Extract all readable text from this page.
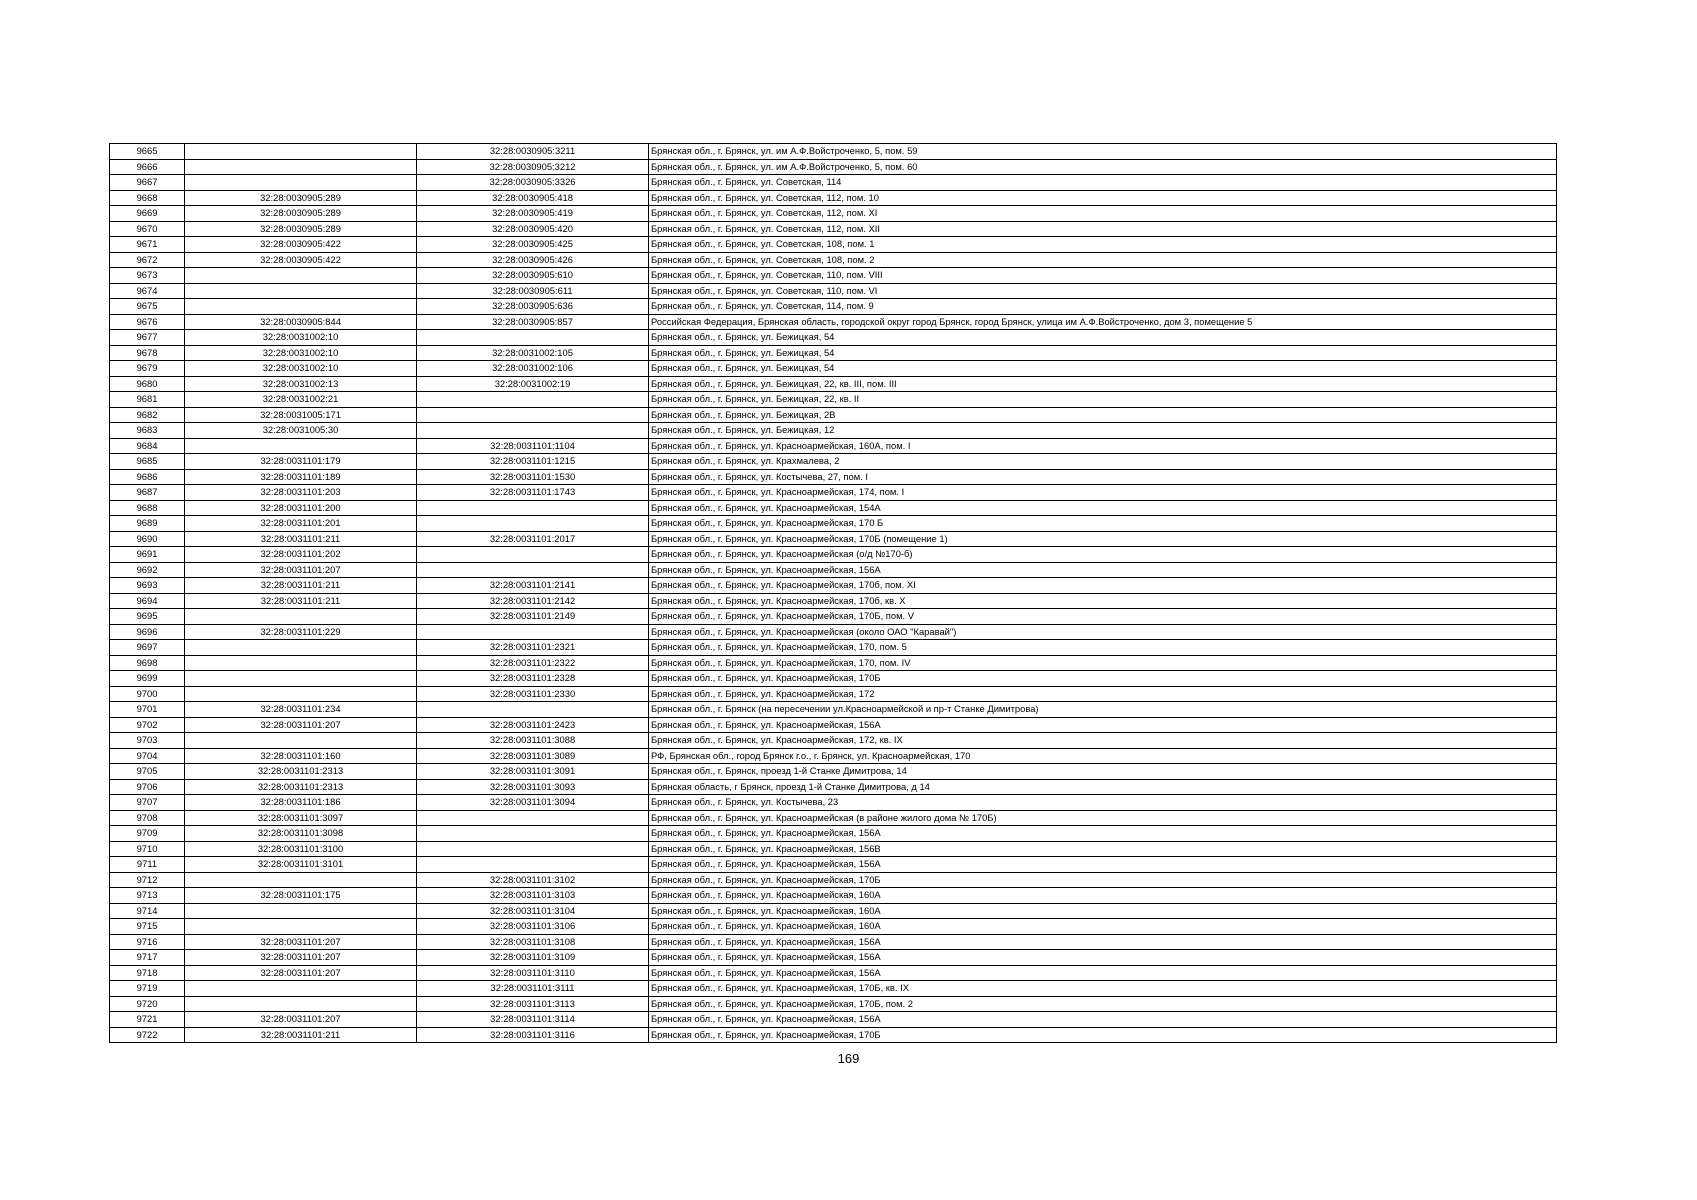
9665		32:28:0030905:3211	Брянская обл., г. Брянск, ул. им А.Ф.Войстроченко, 5, пом. 59
9666		32:28:0030905:3212	Брянская обл., г. Брянск, ул. им А.Ф.Войстроченко, 5, пом. 60
9667		32:28:0030905:3326	Брянская обл., г. Брянск, ул. Советская, 114
9668	32:28:0030905:289	32:28:0030905:418	Брянская обл., г. Брянск, ул. Советская, 112, пом. 10
9669	32:28:0030905:289	32:28:0030905:419	Брянская обл., г. Брянск, ул. Советская, 112, пом. XI
9670	32:28:0030905:289	32:28:0030905:420	Брянская обл., г. Брянск, ул. Советская, 112, пом. XII
9671	32:28:0030905:422	32:28:0030905:425	Брянская обл., г. Брянск, ул. Советская, 108, пом. 1
9672	32:28:0030905:422	32:28:0030905:426	Брянская обл., г. Брянск, ул. Советская, 108, пом. 2
9673		32:28:0030905:610	Брянская обл., г. Брянск, ул. Советская, 110, пом. VIII
9674		32:28:0030905:611	Брянская обл., г. Брянск, ул. Советская, 110, пом. VI
9675		32:28:0030905:636	Брянская обл., г. Брянск, ул. Советская, 114, пом. 9
9676	32:28:0030905:844	32:28:0030905:857	Российская Федерация, Брянская область, городской округ город Брянск, город Брянск, улица им А.Ф.Войстроченко, дом 3, помещение 5
9677	32:28:0031002:10		Брянская обл., г. Брянск, ул. Бежицкая, 54
9678	32:28:0031002:10	32:28:0031002:105	Брянская обл., г. Брянск, ул. Бежицкая, 54
9679	32:28:0031002:10	32:28:0031002:106	Брянская обл., г. Брянск, ул. Бежицкая, 54
9680	32:28:0031002:13	32:28:0031002:19	Брянская обл., г. Брянск, ул. Бежицкая, 22, кв. III, пом. III
9681	32:28:0031002:21		Брянская обл., г. Брянск, ул. Бежицкая, 22, кв. II
9682	32:28:0031005:171		Брянская обл., г. Брянск, ул. Бежицкая, 2В
9683	32:28:0031005:30		Брянская обл., г. Брянск, ул. Бежицкая, 12
9684		32:28:0031101:1104	Брянская обл., г. Брянск, ул. Красноармейская, 160А, пом. I
9685	32:28:0031101:179	32:28:0031101:1215	Брянская обл., г. Брянск, ул. Крахмалева, 2
9686	32:28:0031101:189	32:28:0031101:1530	Брянская обл., г. Брянск, ул. Костычева, 27, пом. I
9687	32:28:0031101:203	32:28:0031101:1743	Брянская обл., г. Брянск, ул. Красноармейская, 174, пом. I
9688	32:28:0031101:200		Брянская обл., г. Брянск, ул. Красноармейская, 154А
9689	32:28:0031101:201		Брянская обл., г. Брянск, ул. Красноармейская, 170 Б
9690	32:28:0031101:211	32:28:0031101:2017	Брянская обл., г. Брянск, ул. Красноармейская, 170Б (помещение 1)
9691	32:28:0031101:202		Брянская обл., г. Брянск, ул. Красноармейская (о/д №170-б)
9692	32:28:0031101:207		Брянская обл., г. Брянск, ул. Красноармейская, 156А
9693	32:28:0031101:211	32:28:0031101:2141	Брянская обл., г. Брянск, ул. Красноармейская, 170б, пом. XI
9694	32:28:0031101:211	32:28:0031101:2142	Брянская обл., г. Брянск, ул. Красноармейская, 170б, кв. X
9695		32:28:0031101:2149	Брянская обл., г. Брянск, ул. Красноармейская, 170Б, пом. V
9696	32:28:0031101:229		Брянская обл., г. Брянск, ул. Красноармейская (около ОАО "Каравай")
9697		32:28:0031101:2321	Брянская обл., г. Брянск, ул. Красноармейская, 170, пом. 5
9698		32:28:0031101:2322	Брянская обл., г. Брянск, ул. Красноармейская, 170, пом. IV
9699		32:28:0031101:2328	Брянская обл., г. Брянск, ул. Красноармейская, 170Б
9700		32:28:0031101:2330	Брянская обл., г. Брянск, ул. Красноармейская, 172
9701	32:28:0031101:234		Брянская обл., г. Брянск (на пересечении ул.Красноармейской и пр-т Станке Димитрова)
9702	32:28:0031101:207	32:28:0031101:2423	Брянская обл., г. Брянск, ул. Красноармейская, 156А
9703		32:28:0031101:3088	Брянская обл., г. Брянск, ул. Красноармейская, 172, кв. IX
9704	32:28:0031101:160	32:28:0031101:3089	РФ, Брянская обл., город Брянск г.о., г. Брянск, ул. Красноармейская, 170
9705	32:28:0031101:2313	32:28:0031101:3091	Брянская обл., г. Брянск, проезд 1-й Станке Димитрова, 14
9706	32:28:0031101:2313	32:28:0031101:3093	Брянская область, г Брянск, проезд 1-й Станке Димитрова, д 14
9707	32:28:0031101:186	32:28:0031101:3094	Брянская обл., г. Брянск, ул. Костычева, 23
9708	32:28:0031101:3097		Брянская обл., г. Брянск, ул. Красноармейская (в районе жилого дома № 170Б)
9709	32:28:0031101:3098		Брянская обл., г. Брянск, ул. Красноармейская, 156А
9710	32:28:0031101:3100		Брянская обл., г. Брянск, ул. Красноармейская, 156В
9711	32:28:0031101:3101		Брянская обл., г. Брянск, ул. Красноармейская, 156А
9712		32:28:0031101:3102	Брянская обл., г. Брянск, ул. Красноармейская, 170Б
9713	32:28:0031101:175	32:28:0031101:3103	Брянская обл., г. Брянск, ул. Красноармейская, 160А
9714		32:28:0031101:3104	Брянская обл., г. Брянск, ул. Красноармейская, 160А
9715		32:28:0031101:3106	Брянская обл., г. Брянск, ул. Красноармейская, 160А
9716	32:28:0031101:207	32:28:0031101:3108	Брянская обл., г. Брянск, ул. Красноармейская, 156А
9717	32:28:0031101:207	32:28:0031101:3109	Брянская обл., г. Брянск, ул. Красноармейская, 156А
9718	32:28:0031101:207	32:28:0031101:3110	Брянская обл., г. Брянск, ул. Красноармейская, 156А
9719		32:28:0031101:3111	Брянская обл., г. Брянск, ул. Красноармейская, 170Б, кв. IX
9720		32:28:0031101:3113	Брянская обл., г. Брянск, ул. Красноармейская, 170Б, пом. 2
9721	32:28:0031101:207	32:28:0031101:3114	Брянская обл., г. Брянск, ул. Красноармейская, 156А
9722	32:28:0031101:211	32:28:0031101:3116	Брянская обл., г. Брянск, ул. Красноармейская, 170Б
169
